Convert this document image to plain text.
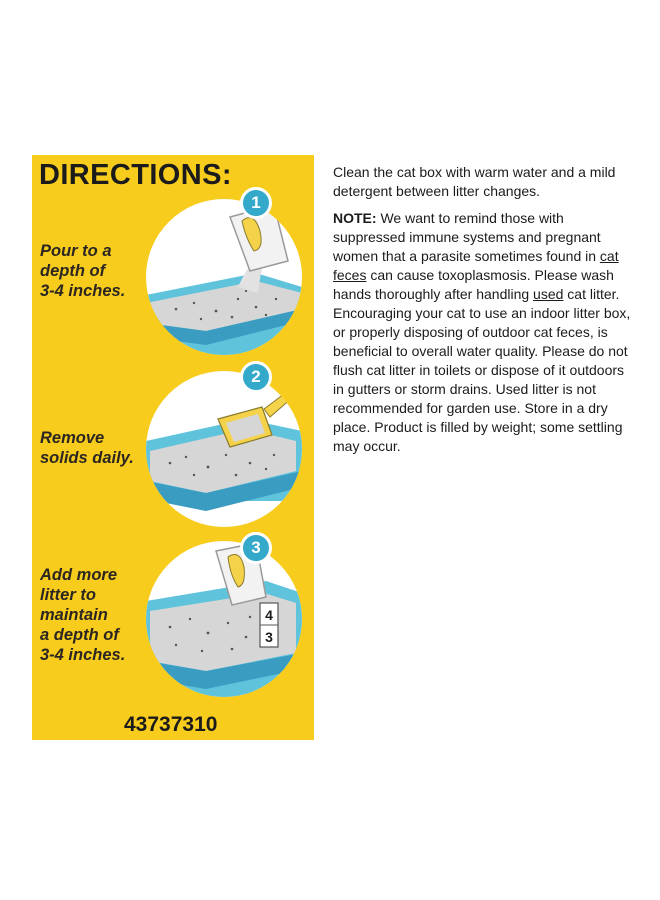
DIRECTIONS:

Pour to a
depth of
3-4 inches.

1

Remove
solids daily.

2

Add more
litter to
maintain
a depth of
3-4 inches.

4
3
3

43737310

Clean the cat box with warm water and a mild detergent between litter changes.

NOTE: We want to remind those with suppressed immune systems and pregnant women that a parasite sometimes found in cat feces can cause toxoplasmosis. Please wash hands thoroughly after handling used cat litter. Encouraging your cat to use an indoor litter box, or properly disposing of outdoor cat feces, is beneficial to overall water quality. Please do not flush cat litter in toilets or dispose of it outdoors in gutters or storm drains. Used litter is not recommended for garden use. Store in a dry place. Product is filled by weight; some settling may occur.
